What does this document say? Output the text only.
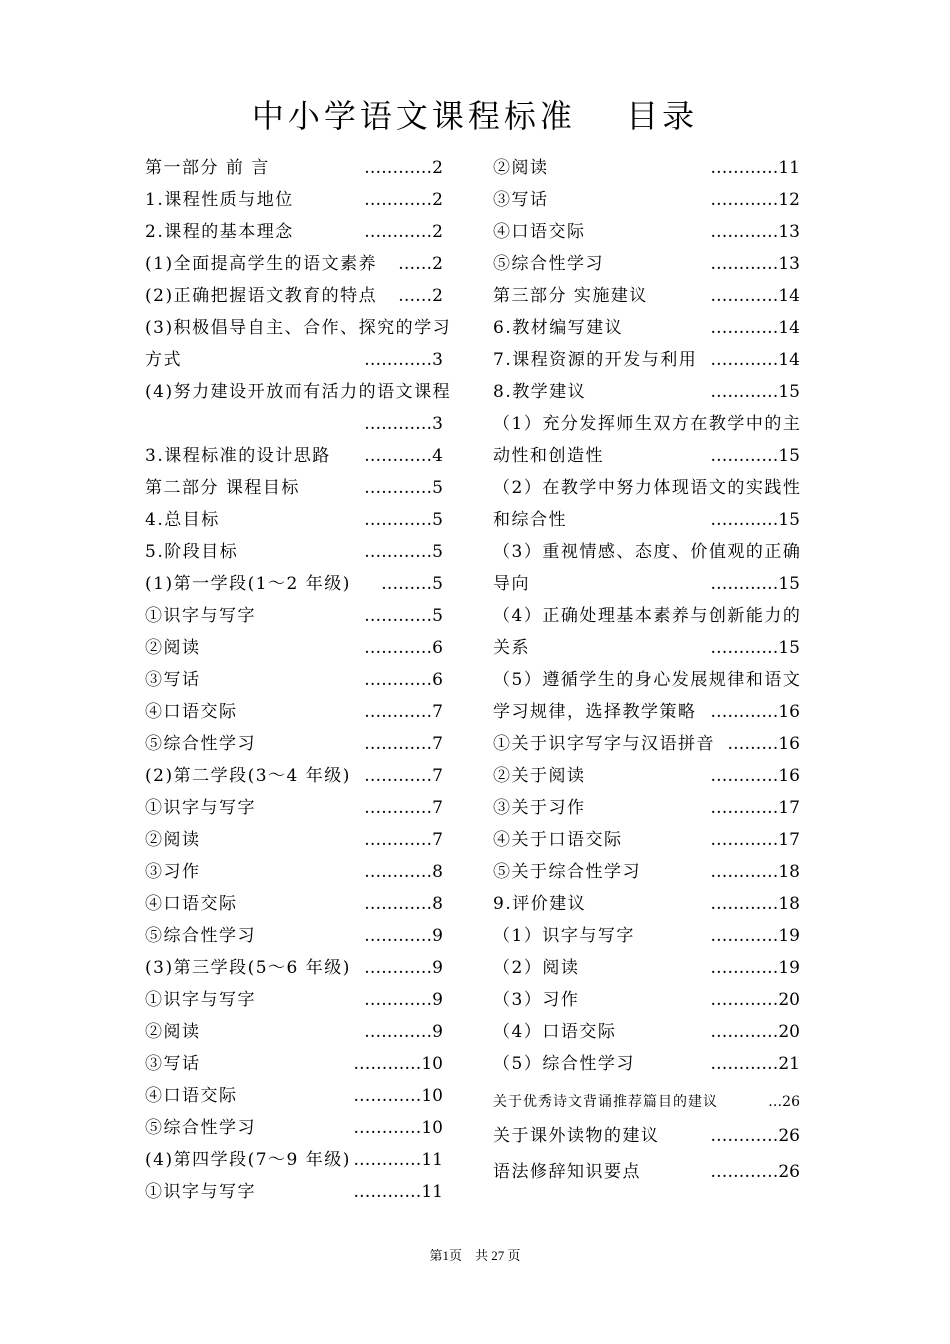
中小学语文课程标准　 目录
第一部分 前 言	…………2
1.课程性质与地位	…………2
2.课程的基本理念	…………2
(1)全面提高学生的语文素养 ……2
(2)正确把握语文教育的特点 ……2
(3)积极倡导自主、合作、探究的学习方式	…………3
(4)努力建设开放而有活力的语文课程
…………3
3.课程标准的设计思路 …………4
第二部分 课程目标	…………5
4.总目标	…………5
5.阶段目标	…………5
(1)第一学段(1～2 年级) ………5
①识字与写字	…………5
②阅读	…………6
③写话	…………6
④口语交际	…………7
⑤综合性学习	…………7
(2)第二学段(3～4 年级) …………7
①识字与写字	…………7
②阅读	…………7
③习作	…………8
④口语交际	…………8
⑤综合性学习	…………9
(3)第三学段(5～6 年级) …………9
①识字与写字	…………9
②阅读	…………9
③写话	…………10
④口语交际	…………10
⑤综合性学习	…………10
(4)第四学段(7～9 年级) …………11
①识字与写字	…………11
②阅读	…………11
③写话	…………12
④口语交际	…………13
⑤综合性学习	…………13
第三部分 实施建议	…………14
6.教材编写建议	…………14
7.课程资源的开发与利用 …………14
8.教学建议	…………15
（1）充分发挥师生双方在教学中的主动性和创造性	…………15
（2）在教学中努力体现语文的实践性和综合性	…………15
（3）重视情感、态度、价值观的正确导向	…………15
（4）正确处理基本素养与创新能力的关系	…………15
（5）遵循学生的身心发展规律和语文学习规律，选择教学策略 …………16
①关于识字写字与汉语拼音 ………16
②关于阅读	…………16
③关于习作	…………17
④关于口语交际	…………17
⑤关于综合性学习	…………18
9.评价建议	…………18
（1）识字与写字	…………19
（2）阅读	…………19
（3）习作	…………20
（4）口语交际	…………20
（5）综合性学习	…………21
关于优秀诗文背诵推荐篇目的建议	…26
关于课外读物的建议	…………26
语法修辞知识要点	…………26
第1页　共 27 页
